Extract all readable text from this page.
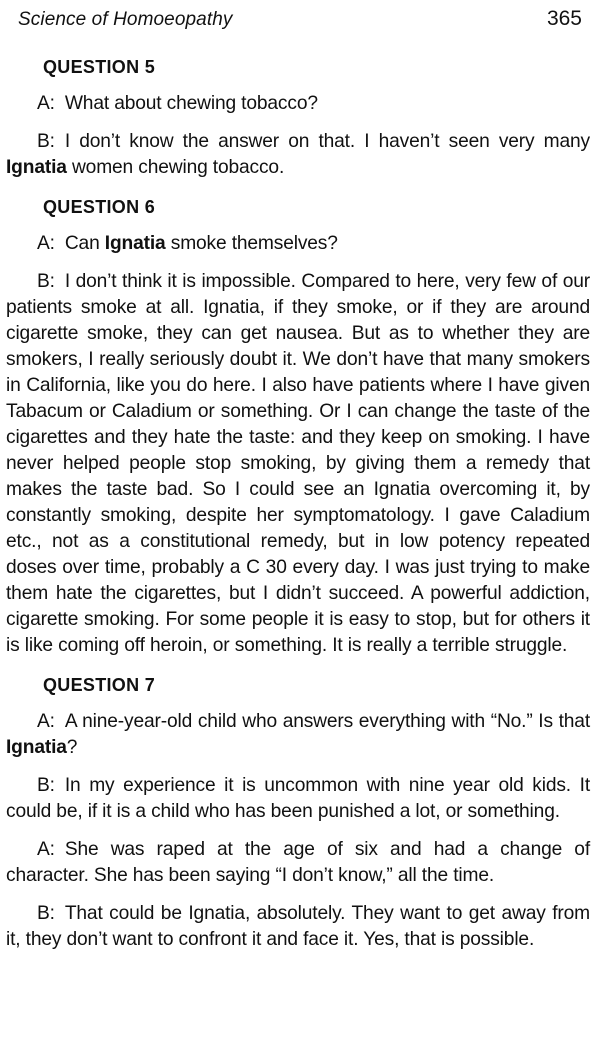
Science of Homoeopathy	365
QUESTION 5

A: What about chewing tobacco?

B: I don’t know the answer on that. I haven’t seen very many Ignatia women chewing tobacco.

QUESTION 6

A: Can Ignatia smoke themselves?

B: I don’t think it is impossible. Compared to here, very few of our patients smoke at all. Ignatia, if they smoke, or if they are around cigarette smoke, they can get nausea. But as to whether they are smokers, I really seriously doubt it. We don’t have that many smokers in California, like you do here. I also have patients where I have given Tabacum or Caladium or something. Or I can change the taste of the cigarettes and they hate the taste: and they keep on smoking. I have never helped people stop smoking, by giving them a remedy that makes the taste bad. So I could see an Ignatia overcoming it, by constantly smoking, despite her symptomatology. I gave Caladium etc., not as a constitutional remedy, but in low potency repeated doses over time, probably a C 30 every day. I was just trying to make them hate the cigarettes, but I didn’t succeed. A powerful addiction, cigarette smoking. For some people it is easy to stop, but for others it is like coming off heroin, or something. It is really a terrible struggle.

QUESTION 7

A: A nine-year-old child who answers everything with “No.” Is that Ignatia?

B: In my experience it is uncommon with nine year old kids. It could be, if it is a child who has been punished a lot, or something.

A: She was raped at the age of six and had a change of character. She has been saying “I don’t know,” all the time.

B: That could be Ignatia, absolutely. They want to get away from it, they don’t want to confront it and face it. Yes, that is possible.
